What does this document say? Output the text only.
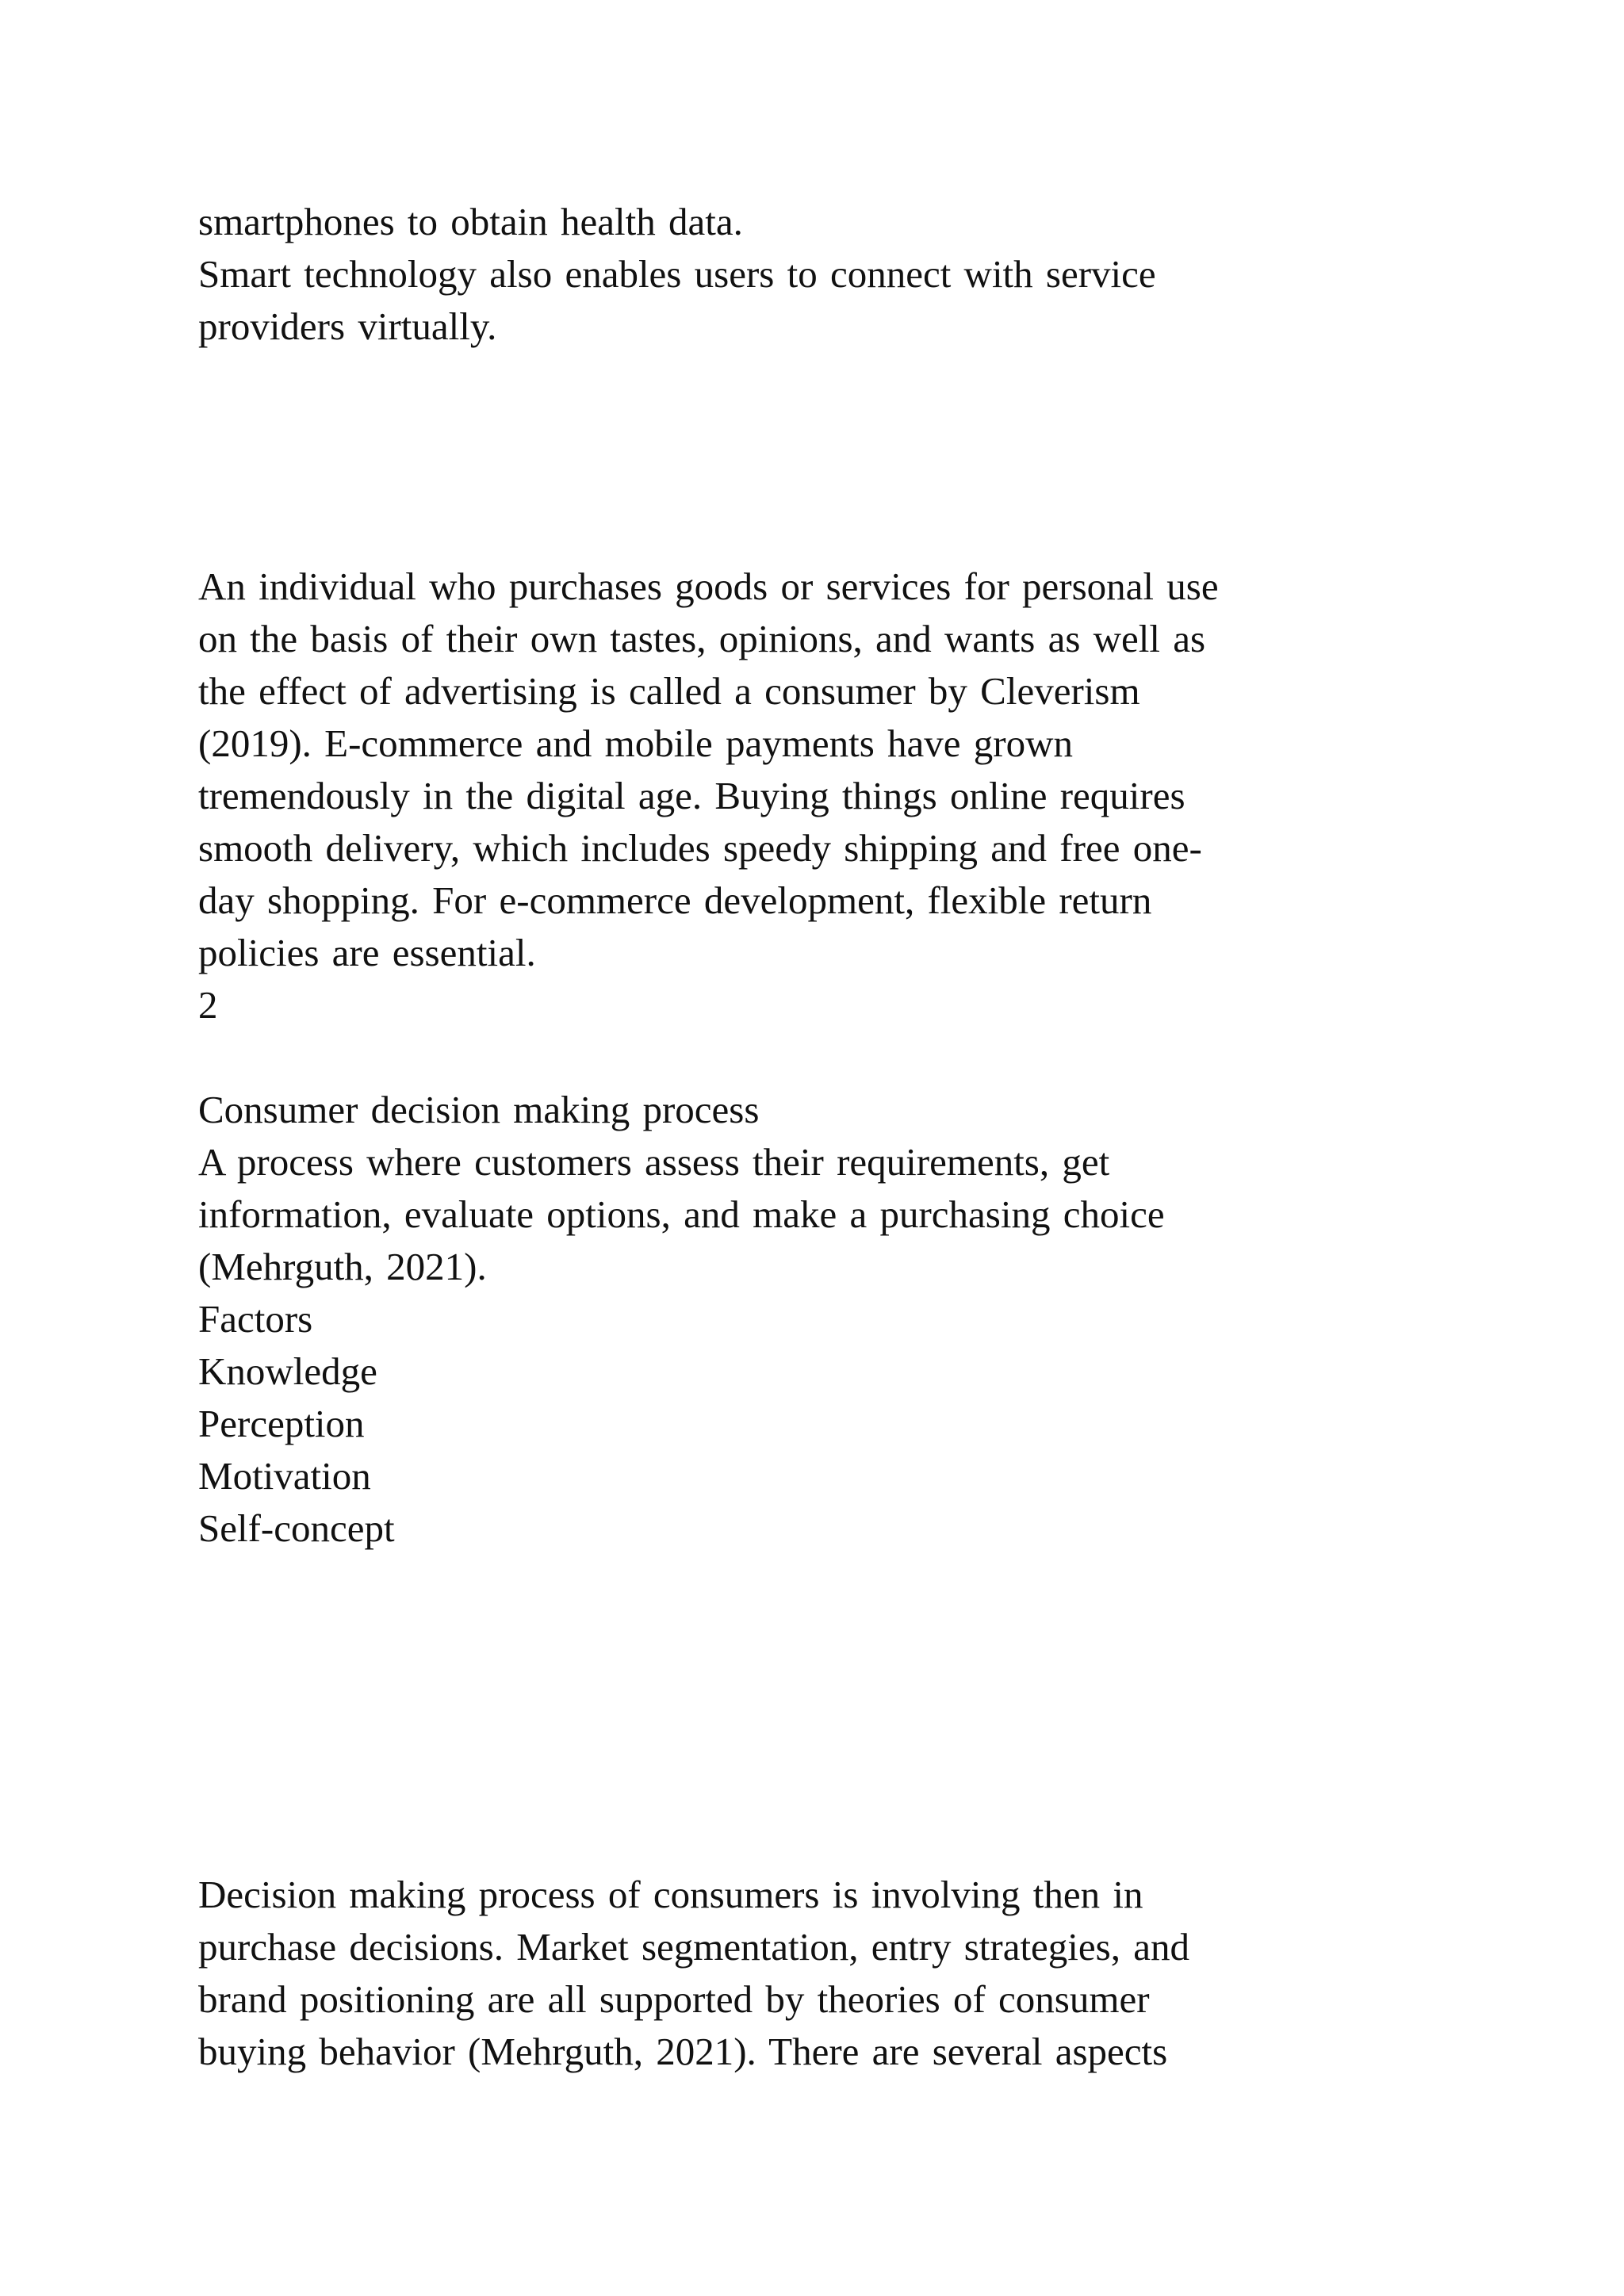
smartphones to obtain health data.

Smart technology also enables users to connect with service

providers virtually.

An individual who purchases goods or services for personal use

on the basis of their own tastes, opinions, and wants as well as

the effect of advertising is called a consumer by Cleverism

(2019). E-commerce and mobile payments have grown

tremendously in the digital age. Buying things online requires

smooth delivery, which includes speedy shipping and free one-

day shopping. For e-commerce development, flexible return

policies are essential.

2

Consumer decision making process

A process where customers assess their requirements, get

information, evaluate options, and make a purchasing choice

(Mehrguth, 2021).

Factors

Knowledge

Perception

Motivation

Self-concept

Decision making process of consumers is involving then in

purchase decisions. Market segmentation, entry strategies, and

brand positioning are all supported by theories of consumer

buying behavior (Mehrguth, 2021). There are several aspects
